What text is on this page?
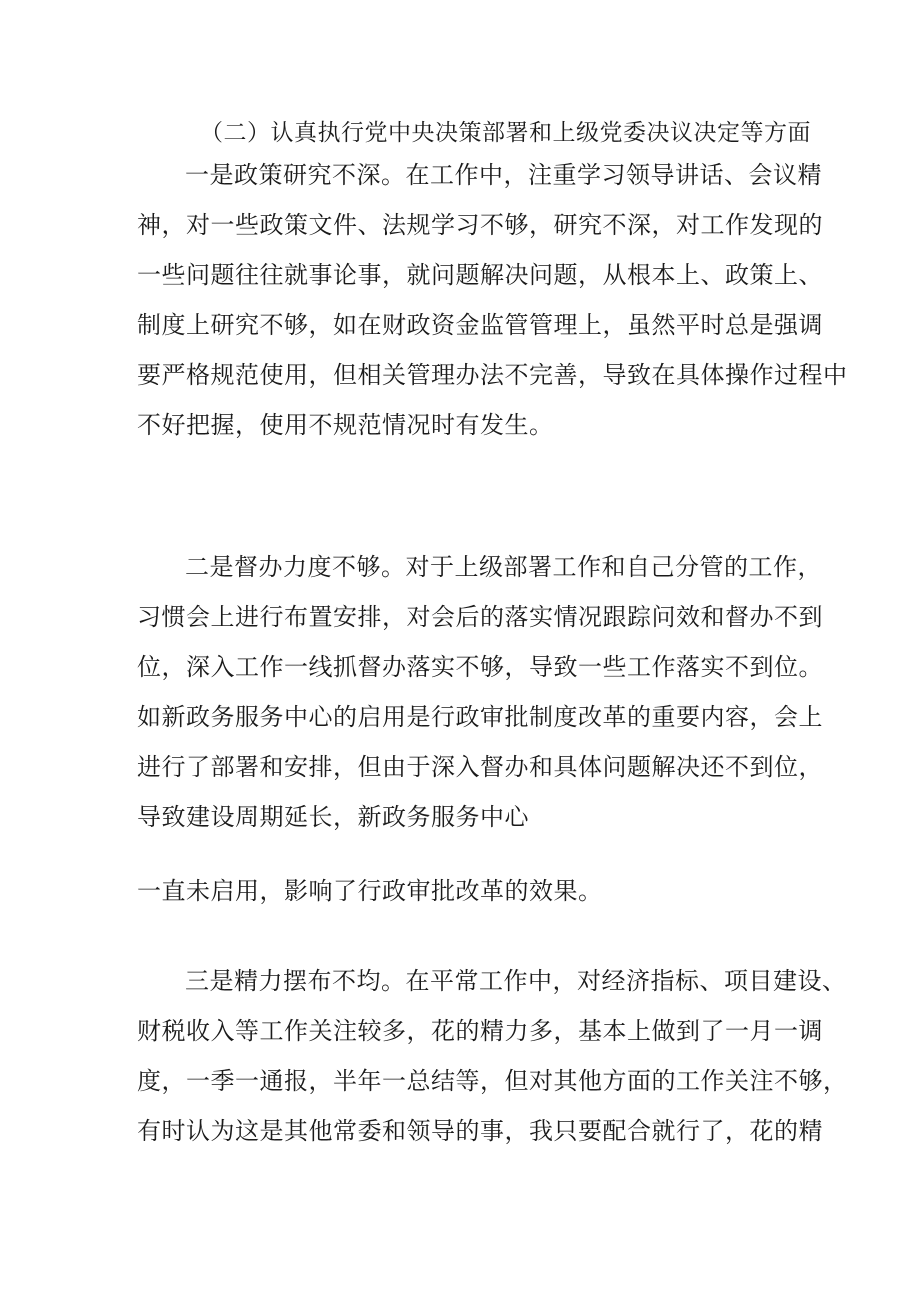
（二）认真执行党中央决策部署和上级党委决议决定等方面
一是政策研究不深。在工作中，注重学习领导讲话、会议精
神，对一些政策文件、法规学习不够，研究不深，对工作发现的
一些问题往往就事论事，就问题解决问题，从根本上、政策上、
制度上研究不够，如在财政资金监管管理上，虽然平时总是强调
要严格规范使用，但相关管理办法不完善，导致在具体操作过程中
不好把握，使用不规范情况时有发生。
二是督办力度不够。对于上级部署工作和自己分管的工作，
习惯会上进行布置安排，对会后的落实情况跟踪问效和督办不到
位，深入工作一线抓督办落实不够，导致一些工作落实不到位。
如新政务服务中心的启用是行政审批制度改革的重要内容，会上
进行了部署和安排，但由于深入督办和具体问题解决还不到位，
导致建设周期延长，新政务服务中心
一直未启用，影响了行政审批改革的效果。
三是精力摆布不均。在平常工作中，对经济指标、项目建设、
财税收入等工作关注较多，花的精力多，基本上做到了一月一调
度，一季一通报，半年一总结等，但对其他方面的工作关注不够，
有时认为这是其他常委和领导的事，我只要配合就行了，花的精
